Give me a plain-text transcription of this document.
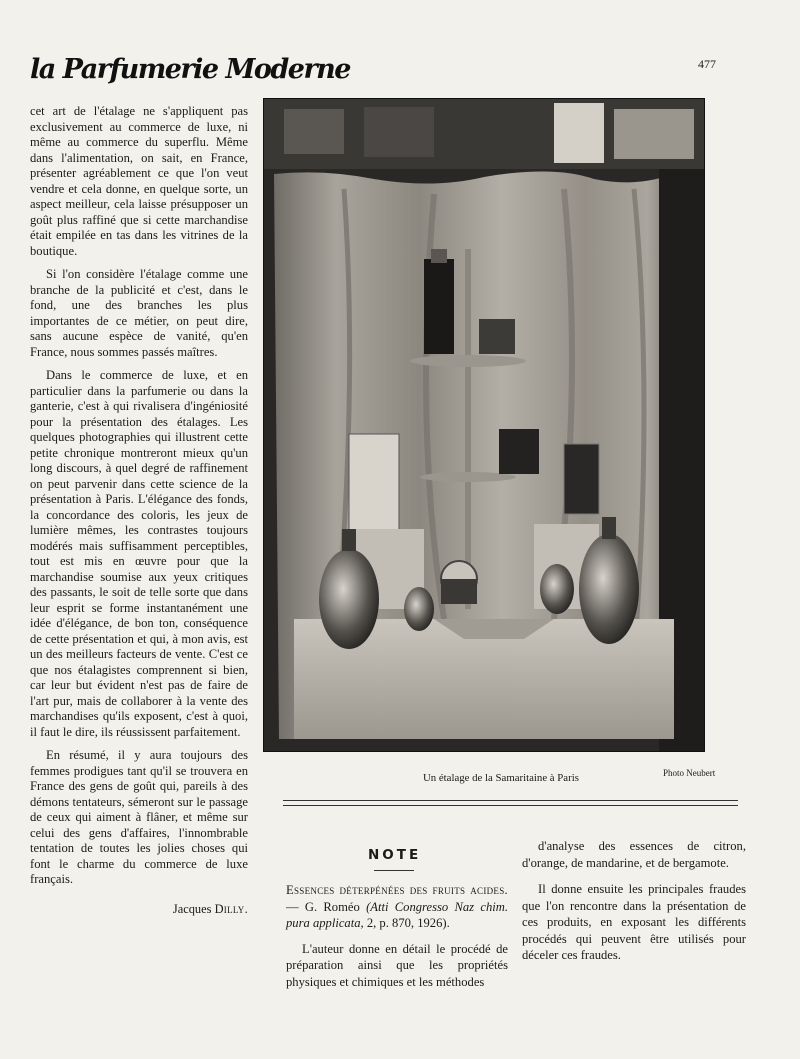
la Parfumerie Moderne	477

cet art de l'étalage ne s'appliquent pas exclusivement au commerce de luxe, ni même au commerce du superflu. Même dans l'alimentation, on sait, en France, présenter agréablement ce que l'on veut vendre et cela donne, en quelque sorte, un aspect meilleur, cela laisse présupposer un goût plus raffiné que si cette marchandise était empilée en tas dans les vitrines de la boutique.

Si l'on considère l'étalage comme une branche de la publicité et c'est, dans le fond, une des branches les plus importantes de ce métier, on peut dire, sans aucune espèce de vanité, qu'en France, nous sommes passés maîtres.

Dans le commerce de luxe, et en particulier dans la parfumerie ou dans la ganterie, c'est à qui rivalisera d'ingéniosité pour la présentation des étalages. Les quelques photographies qui illustrent cette petite chronique montreront mieux qu'un long discours, à quel degré de raffinement on peut parvenir dans cette science de la présentation à Paris. L'élégance des fonds, la concordance des coloris, les jeux de lumière mêmes, les contrastes toujours modérés mais suffisamment perceptibles, tout est mis en œuvre pour que la marchandise soumise aux yeux critiques des passants, le soit de telle sorte que dans leur esprit se forme instantanément une idée d'élégance, de bon ton, conséquence de cette présentation et qui, à mon avis, est un des meilleurs facteurs de vente. C'est ce que nos étalagistes comprennent si bien, car leur but évident n'est pas de faire de l'art pur, mais de collaborer à la vente des marchandises qu'ils exposent, c'est à quoi, il faut le dire, ils réussissent parfaitement.

En résumé, il y aura toujours des femmes prodigues tant qu'il se trouvera en France des gens de goût qui, pareils à des démons tentateurs, sémeront sur le passage de ceux qui aiment à flâner, et même sur celui des gens d'affaires, l'innombrable tentation de toutes les jolies choses qui font le charme du commerce de luxe français.

Jacques Dilly.
Un étalage de la Samaritaine à Paris	Photo Neubert
NOTE

Essences déterpénées des fruits acides. — G. Roméo (Atti Congresso Naz chim. pura applicata, 2, p. 870, 1926).

L'auteur donne en détail le procédé de préparation ainsi que les propriétés physiques et chimiques et les méthodes

d'analyse des essences de citron, d'orange, de mandarine, et de bergamote.

Il donne ensuite les principales fraudes que l'on rencontre dans la présentation de ces produits, en exposant les différents procédés qui peuvent être utilisés pour déceler ces fraudes.
